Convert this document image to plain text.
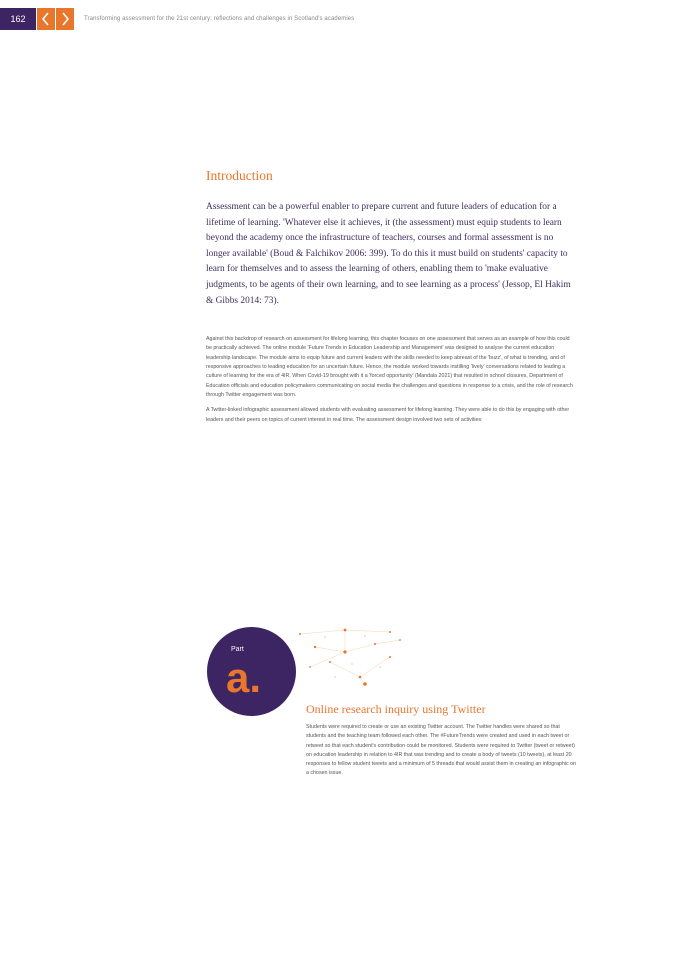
162	Transforming assessment for the 21st century: reflections and challenges in Scotland's academies
Introduction

Assessment can be a powerful enabler to prepare current and future leaders of education for a lifetime of learning. 'Whatever else it achieves, it (the assessment) must equip students to learn beyond the academy once the infrastructure of teachers, courses and formal assessment is no longer available' (Boud & Falchikov 2006: 399). To do this it must build on students' capacity to learn for themselves and to assess the learning of others, enabling them to 'make evaluative judgments, to be agents of their own learning, and to see learning as a process' (Jessop, El Hakim & Gibbs 2014: 73).

Against this backdrop of research on assessment for lifelong learning, this chapter focuses on one assessment that serves as an example of how this could be practically achieved. The online module 'Future Trends in Education Leadership and Management' was designed to analyse the current education leadership landscape. The module aims to equip future and current leaders with the skills needed to keep abreast of the 'buzz', of what is trending, and of responsive approaches to leading education for an uncertain future. Hence, the module worked towards instilling 'lively' conversations related to leading a culture of learning for the era of 4IR. When Covid-19 brought with it a 'forced opportunity' (Mandala 2021) that resulted in school closures, Department of Education officials and education policymakers communicating on social media the challenges and questions in response to a crisis, and the role of research through Twitter engagement was born.

A Twitter-linked infographic assessment allowed students with evaluating assessment for lifelong learning. They were able to do this by engaging with other leaders and their peers on topics of current interest in real time. The assessment design involved two sets of activities:

Part
a.
Online research inquiry using Twitter

Students were required to create or use an existing Twitter account. The Twitter handles were shared so that students and the teaching team followed each other. The #FutureTrends were created and used in each tweet or retweet so that each student's contribution could be monitored. Students were required to Twitter (tweet or retweet) on education leadership in relation to 4IR that was trending and to create a body of tweets (10 tweets), at least 20 responses to fellow student tweets and a minimum of 5 threads that would assist them in creating an infographic on a chosen issue.
